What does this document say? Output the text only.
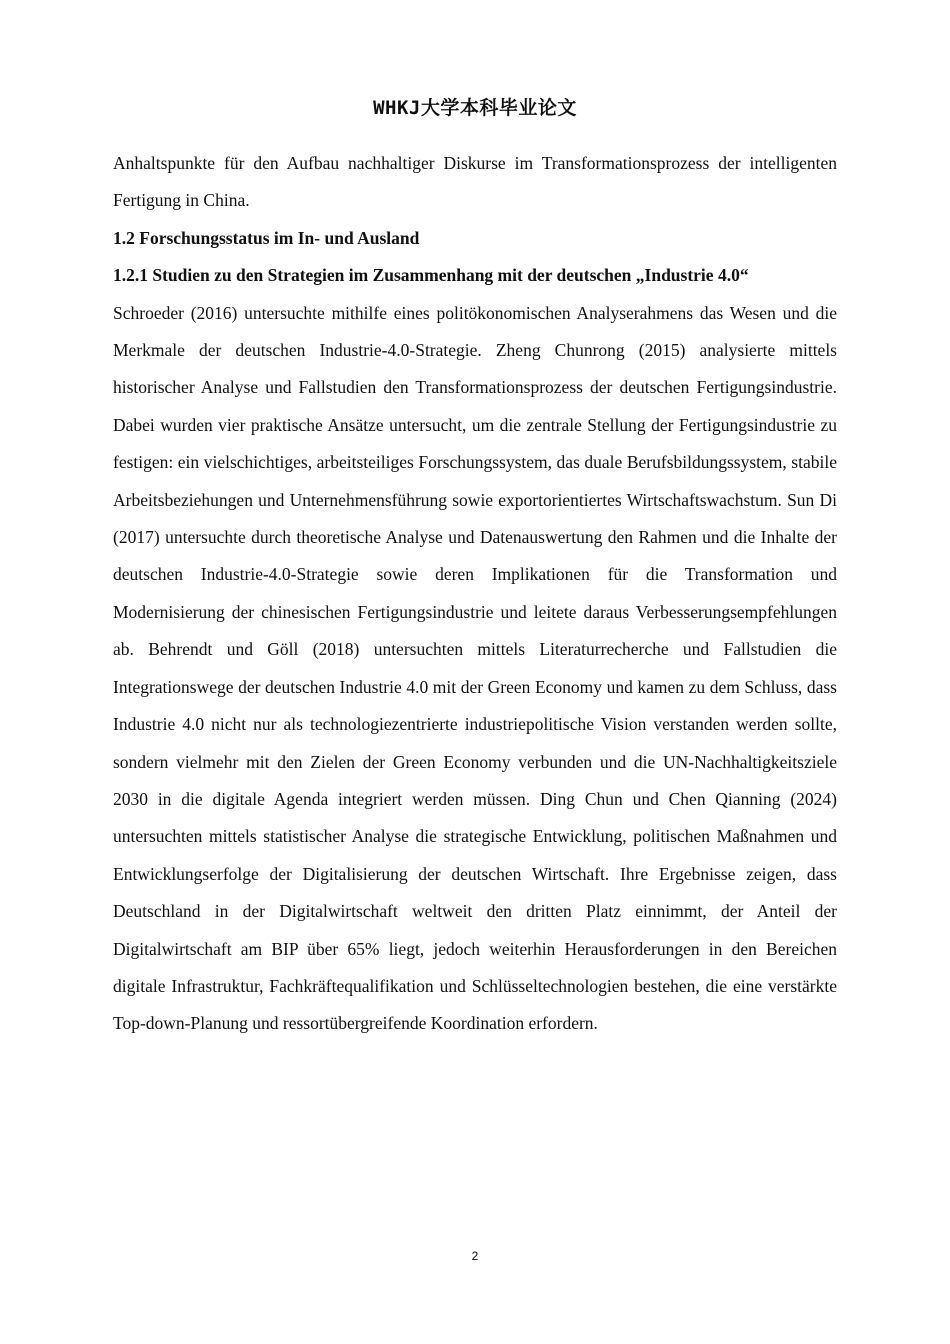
WHKJ大学本科毕业论文

Anhaltspunkte für den Aufbau nachhaltiger Diskurse im Transformationsprozess der intelligenten Fertigung in China.

1.2 Forschungsstatus im In- und Ausland

1.2.1 Studien zu den Strategien im Zusammenhang mit der deutschen „Industrie 4.0“

Schroeder (2016) untersuchte mithilfe eines politökonomischen Analyserahmens das Wesen und die Merkmale der deutschen Industrie-4.0-Strategie. Zheng Chunrong (2015) analysierte mittels historischer Analyse und Fallstudien den Transformationsprozess der deutschen Fertigungsindustrie. Dabei wurden vier praktische Ansätze untersucht, um die zentrale Stellung der Fertigungsindustrie zu festigen: ein vielschichtiges, arbeitsteiliges Forschungssystem, das duale Berufsbildungssystem, stabile Arbeitsbeziehungen und Unternehmensführung sowie exportorientiertes Wirtschaftswachstum. Sun Di (2017) untersuchte durch theoretische Analyse und Datenauswertung den Rahmen und die Inhalte der deutschen Industrie-4.0-Strategie sowie deren Implikationen für die Transformation und Modernisierung der chinesischen Fertigungsindustrie und leitete daraus Verbesserungsempfehlungen ab. Behrendt und Göll (2018) untersuchten mittels Literaturrecherche und Fallstudien die Integrationswege der deutschen Industrie 4.0 mit der Green Economy und kamen zu dem Schluss, dass Industrie 4.0 nicht nur als technologiezentrierte industriepolitische Vision verstanden werden sollte, sondern vielmehr mit den Zielen der Green Economy verbunden und die UN-Nachhaltigkeitsziele 2030 in die digitale Agenda integriert werden müssen. Ding Chun und Chen Qianning (2024) untersuchten mittels statistischer Analyse die strategische Entwicklung, politischen Maßnahmen und Entwicklungserfolge der Digitalisierung der deutschen Wirtschaft. Ihre Ergebnisse zeigen, dass Deutschland in der Digitalwirtschaft weltweit den dritten Platz einnimmt, der Anteil der Digitalwirtschaft am BIP über 65% liegt, jedoch weiterhin Herausforderungen in den Bereichen digitale Infrastruktur, Fachkräftequalifikation und Schlüsseltechnologien bestehen, die eine verstärkte Top-down-Planung und ressortübergreifende Koordination erfordern.

2
